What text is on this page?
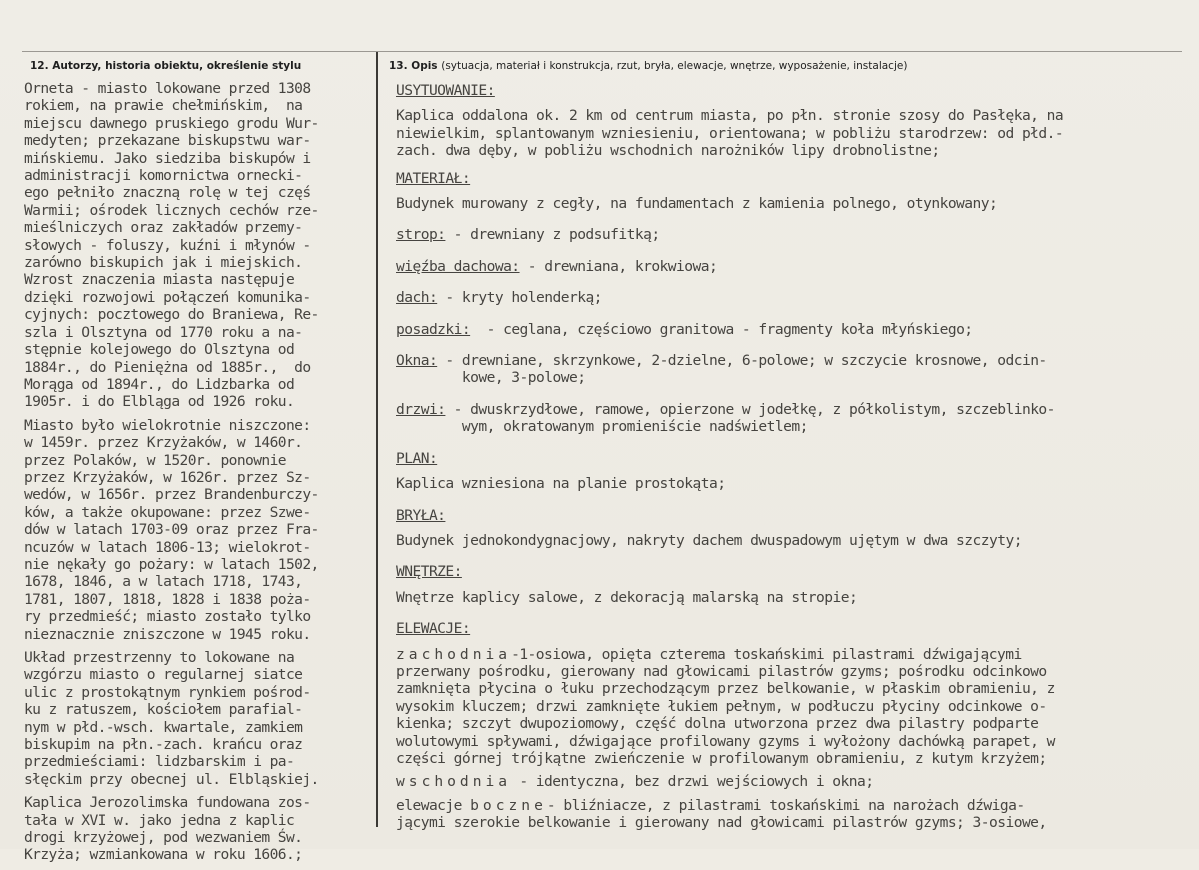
12. Autorzy, historia obiektu, określenie stylu	13. Opis (sytuacja, materiał i konstrukcja, rzut, bryła, elewacje, wnętrze, wyposażenie, instalacje)

Orneta - miasto lokowane przed 1308
rokiem, na prawie chełmińskim,  na
miejscu dawnego pruskiego grodu Wur-
medyten; przekazane biskupstwu war-
mińskiemu. Jako siedziba biskupów i
administracji komornictwa ornecki-
ego pełniło znaczną rolę w tej częś
Warmii; ośrodek licznych cechów rze-
mieślniczych oraz zakładów przemy-
słowych - foluszy, kuźni i młynów -
zarówno biskupich jak i miejskich.
Wzrost znaczenia miasta następuje
dzięki rozwojowi połączeń komunika-
cyjnych: pocztowego do Braniewa, Re-
szla i Olsztyna od 1770 roku a na-
stępnie kolejowego do Olsztyna od
1884r., do Pieniężna od 1885r.,  do
Morąga od 1894r., do Lidzbarka od
1905r. i do Elbląga od 1926 roku.

Miasto było wielokrotnie niszczone:
w 1459r. przez Krzyżaków, w 1460r.
przez Polaków, w 1520r. ponownie
przez Krzyżaków, w 1626r. przez Sz-
wedów, w 1656r. przez Brandenburczy-
ków, a także okupowane: przez Szwe-
dów w latach 1703-09 oraz przez Fra-
ncuzów w latach 1806-13; wielokrot-
nie nękały go pożary: w latach 1502,
1678, 1846, a w latach 1718, 1743,
1781, 1807, 1818, 1828 i 1838 poża-
ry przedmieść; miasto zostało tylko
nieznacznie zniszczone w 1945 roku.

Układ przestrzenny to lokowane na
wzgórzu miasto o regularnej siatce
ulic z prostokątnym rynkiem pośrod-
ku z ratuszem, kościołem parafial-
nym w płd.-wsch. kwartale, zamkiem
biskupim na płn.-zach. krańcu oraz
przedmieściami: lidzbarskim i pa-
słęckim przy obecnej ul. Elbląskiej.

Kaplica Jerozolimska fundowana zos-
tała w XVI w. jako jedna z kaplic
drogi krzyżowej, pod wezwaniem Św.
Krzyża; wzmiankowana w roku 1606.;

USYTUOWANIE:

Kaplica oddalona ok. 2 km od centrum miasta, po płn. stronie szosy do Pasłęka, na
niewielkim, splantowanym wzniesieniu, orientowana; w pobliżu starodrzew: od płd.-
zach. dwa dęby, w pobliżu wschodnich narożników lipy drobnolistne;

MATERIAŁ:

Budynek murowany z cegły, na fundamentach z kamienia polnego, otynkowany;

strop: - drewniany z podsufitką;

więźba dachowa: - drewniana, krokwiowa;

dach: - kryty holenderką;

posadzki:  - ceglana, częściowo granitowa - fragmenty koła młyńskiego;

Okna: - drewniane, skrzynkowe, 2-dzielne, 6-polowe; w szczycie krosnowe, odcin-
kowe, 3-polowe;

drzwi: - dwuskrzydłowe, ramowe, opierzone w jodełkę, z półkolistym, szczeblinko-
wym, okratowanym promieniście nadświetlem;

PLAN:

Kaplica wzniesiona na planie prostokąta;

BRYŁA:

Budynek jednokondygnacjowy, nakryty dachem dwuspadowym ujętym w dwa szczyty;

WNĘTRZE:

Wnętrze kaplicy salowe, z dekoracją malarską na stropie;

ELEWACJE:

zachodnia-1-osiowa, opięta czterema toskańskimi pilastrami dźwigającymi
przerwany pośrodku, gierowany nad głowicami pilastrów gzyms; pośrodku odcinkowo
zamknięta płycina o łuku przechodzącym przez belkowanie, w płaskim obramieniu, z
wysokim kluczem; drzwi zamknięte łukiem pełnym, w podłuczu płyciny odcinkowe o-
kienka; szczyt dwupoziomowy, część dolna utworzona przez dwa pilastry podparte
wolutowymi spływami, dźwigające profilowany gzyms i wyłożony dachówką parapet, w
części górnej trójkątne zwieńczenie w profilowanym obramieniu, z kutym krzyżem;

wschodnia - identyczna, bez drzwi wejściowych i okna;

elewacje boczne- bliźniacze, z pilastrami toskańskimi na narożach dźwiga-
jącymi szerokie belkowanie i gierowany nad głowicami pilastrów gzyms; 3-osiowe,
